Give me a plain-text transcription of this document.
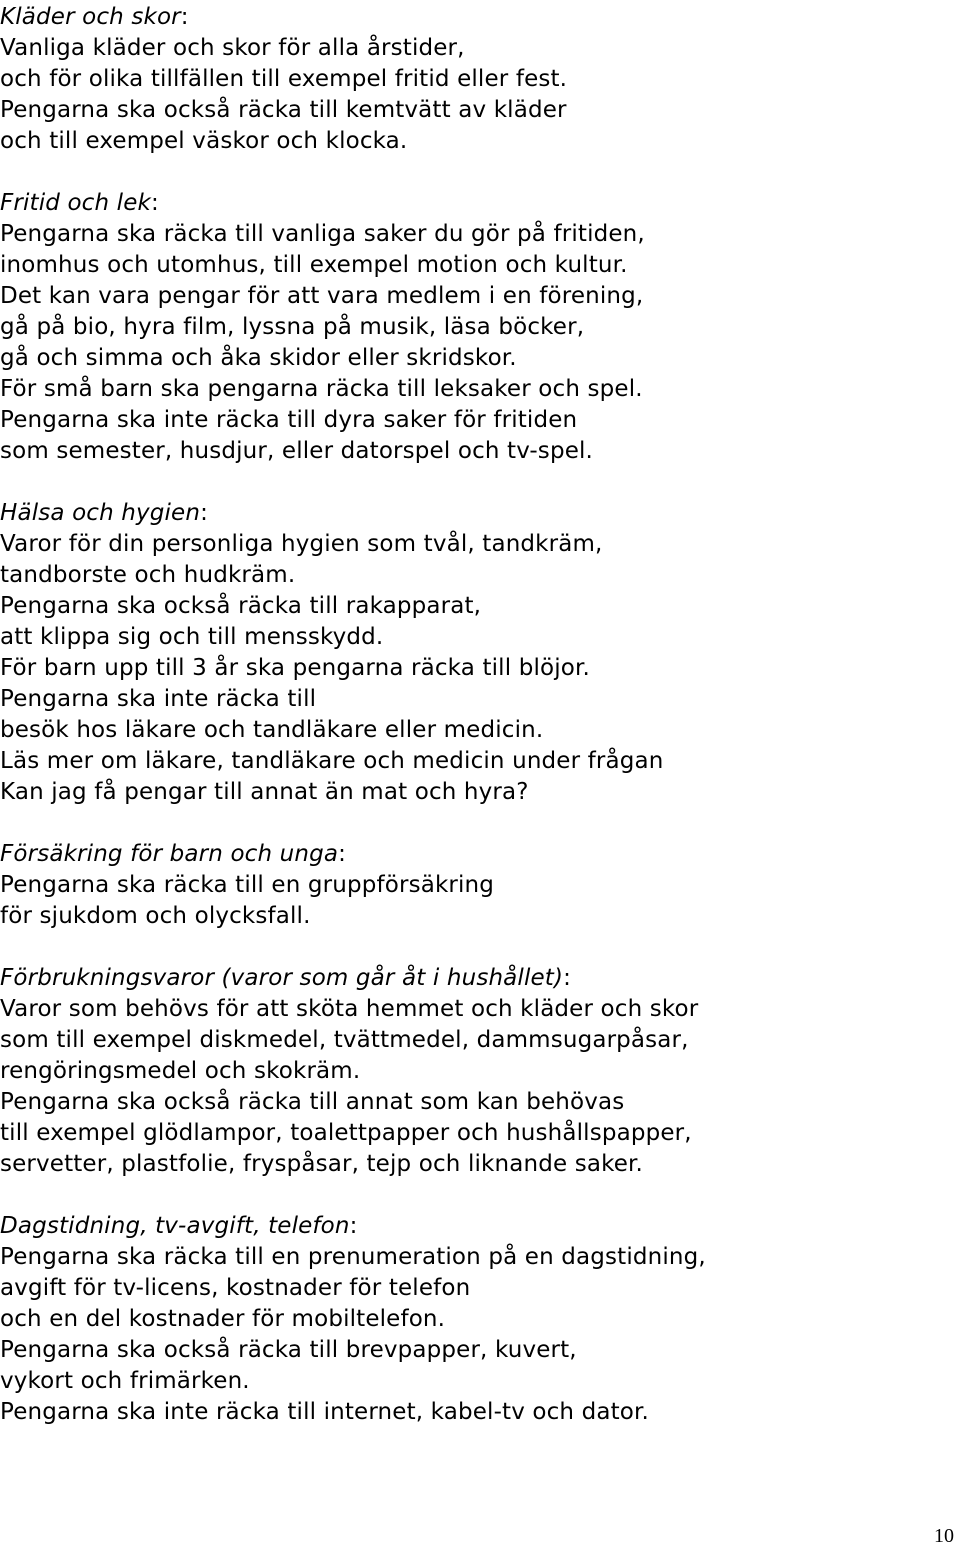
Kläder och skor:
Vanliga kläder och skor för alla årstider,
och för olika tillfällen till exempel fritid eller fest.
Pengarna ska också räcka till kemtvätt av kläder
och till exempel väskor och klocka.
Fritid och lek:
Pengarna ska räcka till vanliga saker du gör på fritiden,
inomhus och utomhus, till exempel motion och kultur.
Det kan vara pengar för att vara medlem i en förening,
gå på bio, hyra film, lyssna på musik, läsa böcker,
gå och simma och åka skidor eller skridskor.
För små barn ska pengarna räcka till leksaker och spel.
Pengarna ska inte räcka till dyra saker för fritiden
som semester, husdjur, eller datorspel och tv-spel.
Hälsa och hygien:
Varor för din personliga hygien som tvål, tandkräm,
tandborste och hudkräm.
Pengarna ska också räcka till rakapparat,
att klippa sig och till mensskydd.
För barn upp till 3 år ska pengarna räcka till blöjor.
Pengarna ska inte räcka till
besök hos läkare och tandläkare eller medicin.
Läs mer om läkare, tandläkare och medicin under frågan
Kan jag få pengar till annat än mat och hyra?
Försäkring för barn och unga:
Pengarna ska räcka till en gruppförsäkring
för sjukdom och olycksfall.
Förbrukningsvaror (varor som går åt i hushållet):
Varor som behövs för att sköta hemmet och kläder och skor
som till exempel diskmedel, tvättmedel, dammsugarpåsar,
rengöringsmedel och skokräm.
Pengarna ska också räcka till annat som kan behövas
till exempel glödlampor, toalettpapper och hushållspapper,
servetter, plastfolie, fryspåsar, tejp och liknande saker.
Dagstidning, tv-avgift, telefon:
Pengarna ska räcka till en prenumeration på en dagstidning,
avgift för tv-licens, kostnader för telefon
och en del kostnader för mobiltelefon.
Pengarna ska också räcka till brevpapper, kuvert,
vykort och frimärken.
Pengarna ska inte räcka till internet, kabel-tv och dator.
10
